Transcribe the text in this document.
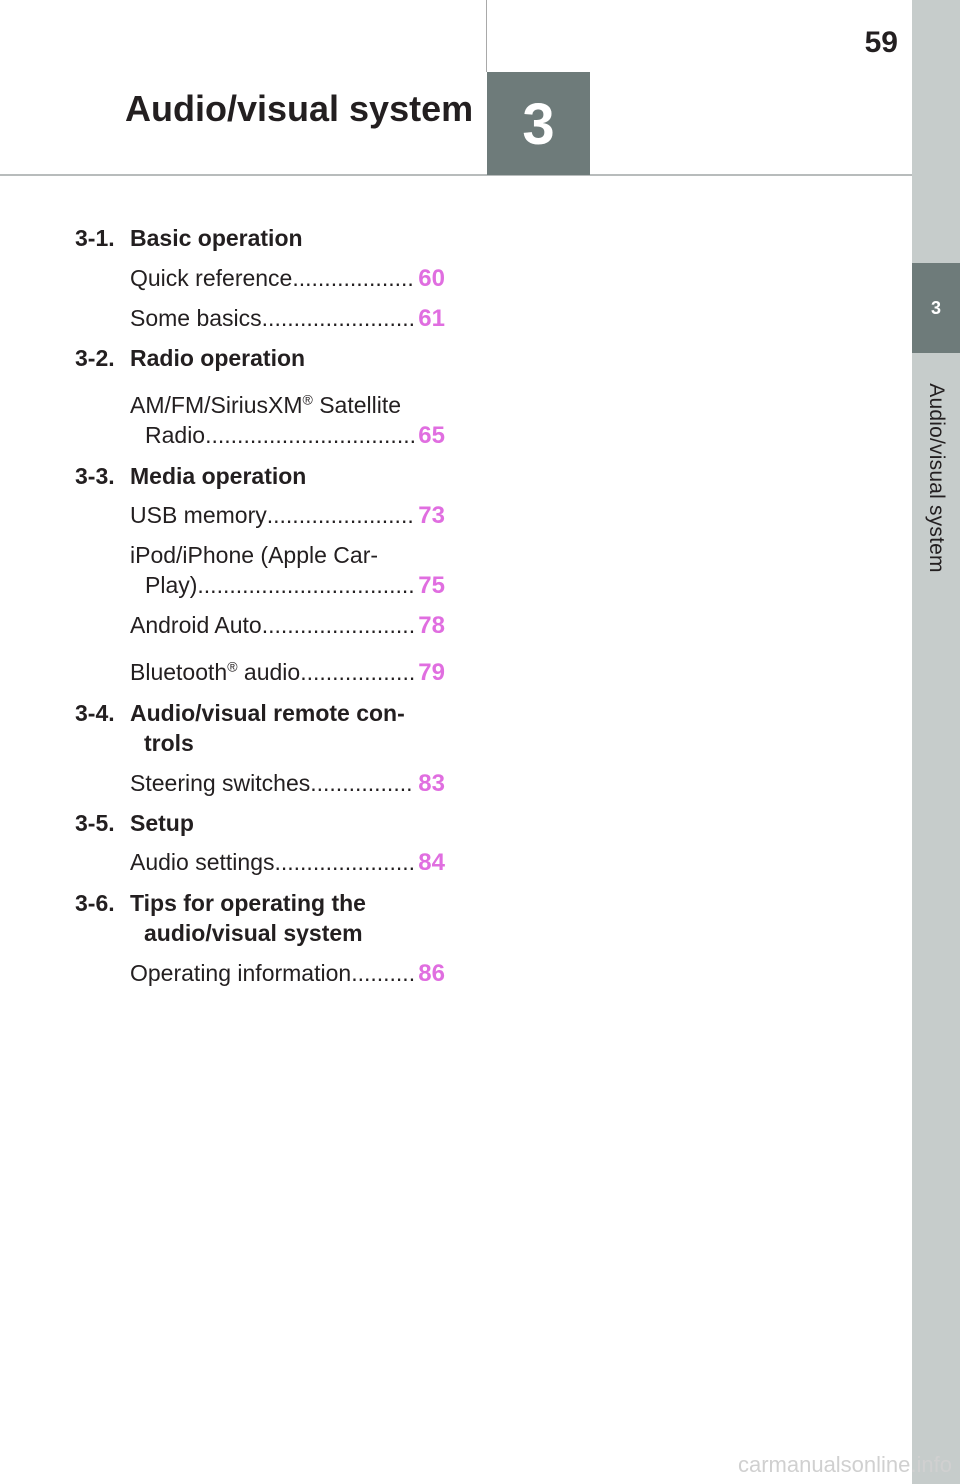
3
Audio/visual system
3
59
Audio/visual system
3-1. Basic operation
Quick reference .....	60
Some basics .....	61
3-2. Radio operation
AM/FM/SiriusXM® Satellite
Radio .....	65
3-3. Media operation
USB memory .....	73
iPod/iPhone (Apple Car-
Play) .....	75
Android Auto .....	78
Bluetooth® audio .....	79
3-4. Audio/visual remote con-
trols
Steering switches .....	83
3-5. Setup
Audio settings .....	84
3-6. Tips for operating the
audio/visual system
Operating information .....	86
carmanualsonline.info
